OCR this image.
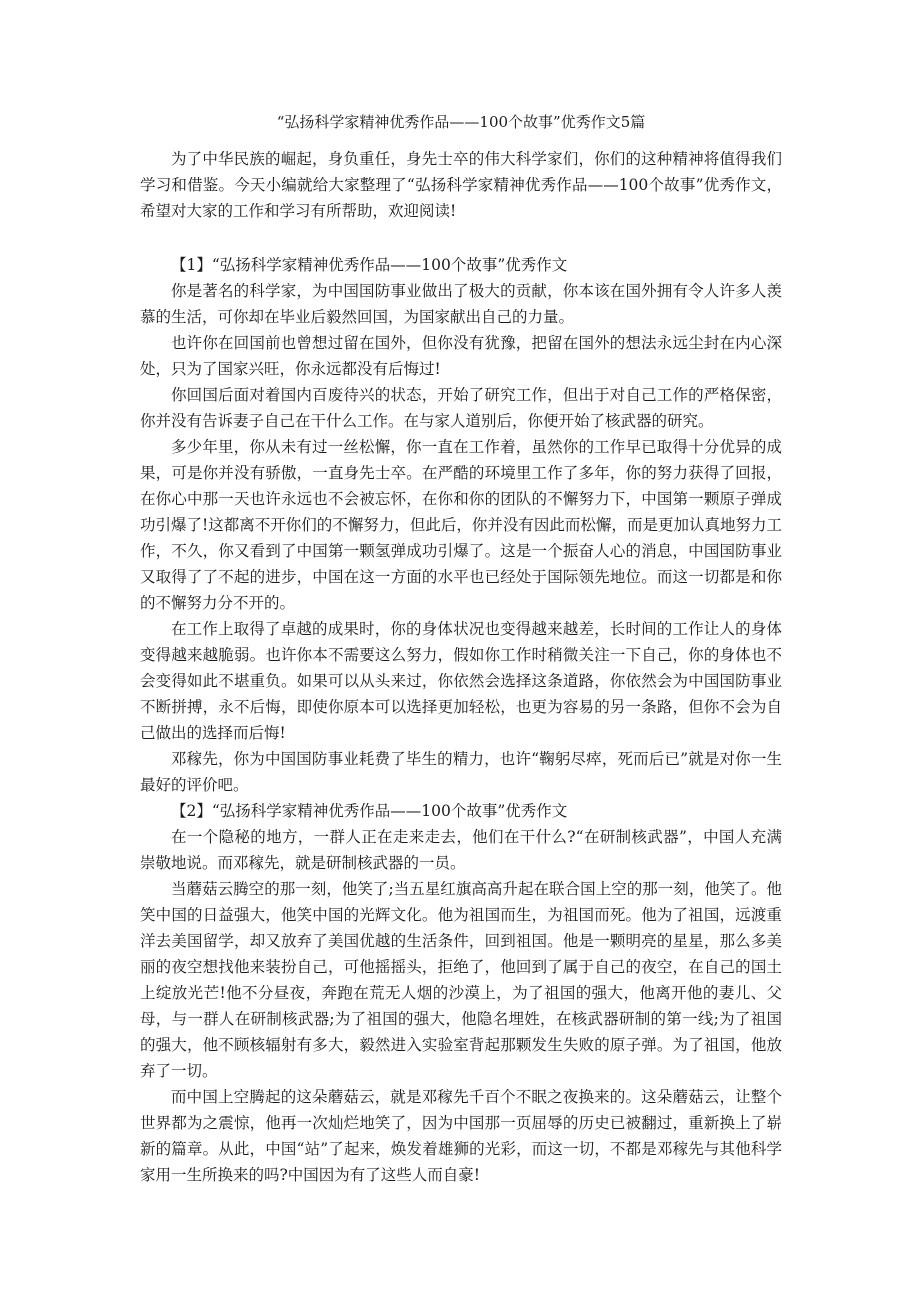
“弘扬科学家精神优秀作品——100个故事”优秀作文5篇

为了中华民族的崛起，身负重任，身先士卒的伟大科学家们，你们的这种精神将值得我们学习和借鉴。今天小编就给大家整理了“弘扬科学家精神优秀作品——100个故事”优秀作文，希望对大家的工作和学习有所帮助，欢迎阅读!

【1】“弘扬科学家精神优秀作品——100个故事”优秀作文

你是著名的科学家，为中国国防事业做出了极大的贡献，你本该在国外拥有令人许多人羡慕的生活，可你却在毕业后毅然回国，为国家献出自己的力量。

也许你在回国前也曾想过留在国外，但你没有犹豫，把留在国外的想法永远尘封在内心深处，只为了国家兴旺，你永远都没有后悔过!

你回国后面对着国内百废待兴的状态，开始了研究工作，但出于对自己工作的严格保密，你并没有告诉妻子自己在干什么工作。在与家人道别后，你便开始了核武器的研究。

多少年里，你从未有过一丝松懈，你一直在工作着，虽然你的工作早已取得十分优异的成果，可是你并没有骄傲，一直身先士卒。在严酷的环境里工作了多年，你的努力获得了回报，在你心中那一天也许永远也不会被忘怀，在你和你的团队的不懈努力下，中国第一颗原子弹成功引爆了!这都离不开你们的不懈努力，但此后，你并没有因此而松懈，而是更加认真地努力工作，不久，你又看到了中国第一颗氢弹成功引爆了。这是一个振奋人心的消息，中国国防事业又取得了了不起的进步，中国在这一方面的水平也已经处于国际领先地位。而这一切都是和你的不懈努力分不开的。

在工作上取得了卓越的成果时，你的身体状况也变得越来越差，长时间的工作让人的身体变得越来越脆弱。也许你本不需要这么努力，假如你工作时稍微关注一下自己，你的身体也不会变得如此不堪重负。如果可以从头来过，你依然会选择这条道路，你依然会为中国国防事业不断拼搏，永不后悔，即使你原本可以选择更加轻松，也更为容易的另一条路，但你不会为自己做出的选择而后悔!

邓稼先，你为中国国防事业耗费了毕生的精力，也许“鞠躬尽瘁，死而后已”就是对你一生最好的评价吧。

【2】“弘扬科学家精神优秀作品——100个故事”优秀作文

在一个隐秘的地方，一群人正在走来走去，他们在干什么?“在研制核武器”，中国人充满崇敬地说。而邓稼先，就是研制核武器的一员。

当蘑菇云腾空的那一刻，他笑了;当五星红旗高高升起在联合国上空的那一刻，他笑了。他笑中国的日益强大，他笑中国的光辉文化。他为祖国而生，为祖国而死。他为了祖国，远渡重洋去美国留学，却又放弃了美国优越的生活条件，回到祖国。他是一颗明亮的星星，那么多美丽的夜空想找他来装扮自己，可他摇摇头，拒绝了，他回到了属于自己的夜空，在自己的国土上绽放光芒!他不分昼夜，奔跑在荒无人烟的沙漠上，为了祖国的强大，他离开他的妻儿、父母，与一群人在研制核武器;为了祖国的强大，他隐名埋姓，在核武器研制的第一线;为了祖国的强大，他不顾核辐射有多大，毅然进入实验室背起那颗发生失败的原子弹。为了祖国，他放弃了一切。

而中国上空腾起的这朵蘑菇云，就是邓稼先千百个不眠之夜换来的。这朵蘑菇云，让整个世界都为之震惊，他再一次灿烂地笑了，因为中国那一页屈辱的历史已被翻过，重新换上了崭新的篇章。从此，中国“站”了起来，焕发着雄狮的光彩，而这一切，不都是邓稼先与其他科学家用一生所换来的吗?中国因为有了这些人而自豪!
